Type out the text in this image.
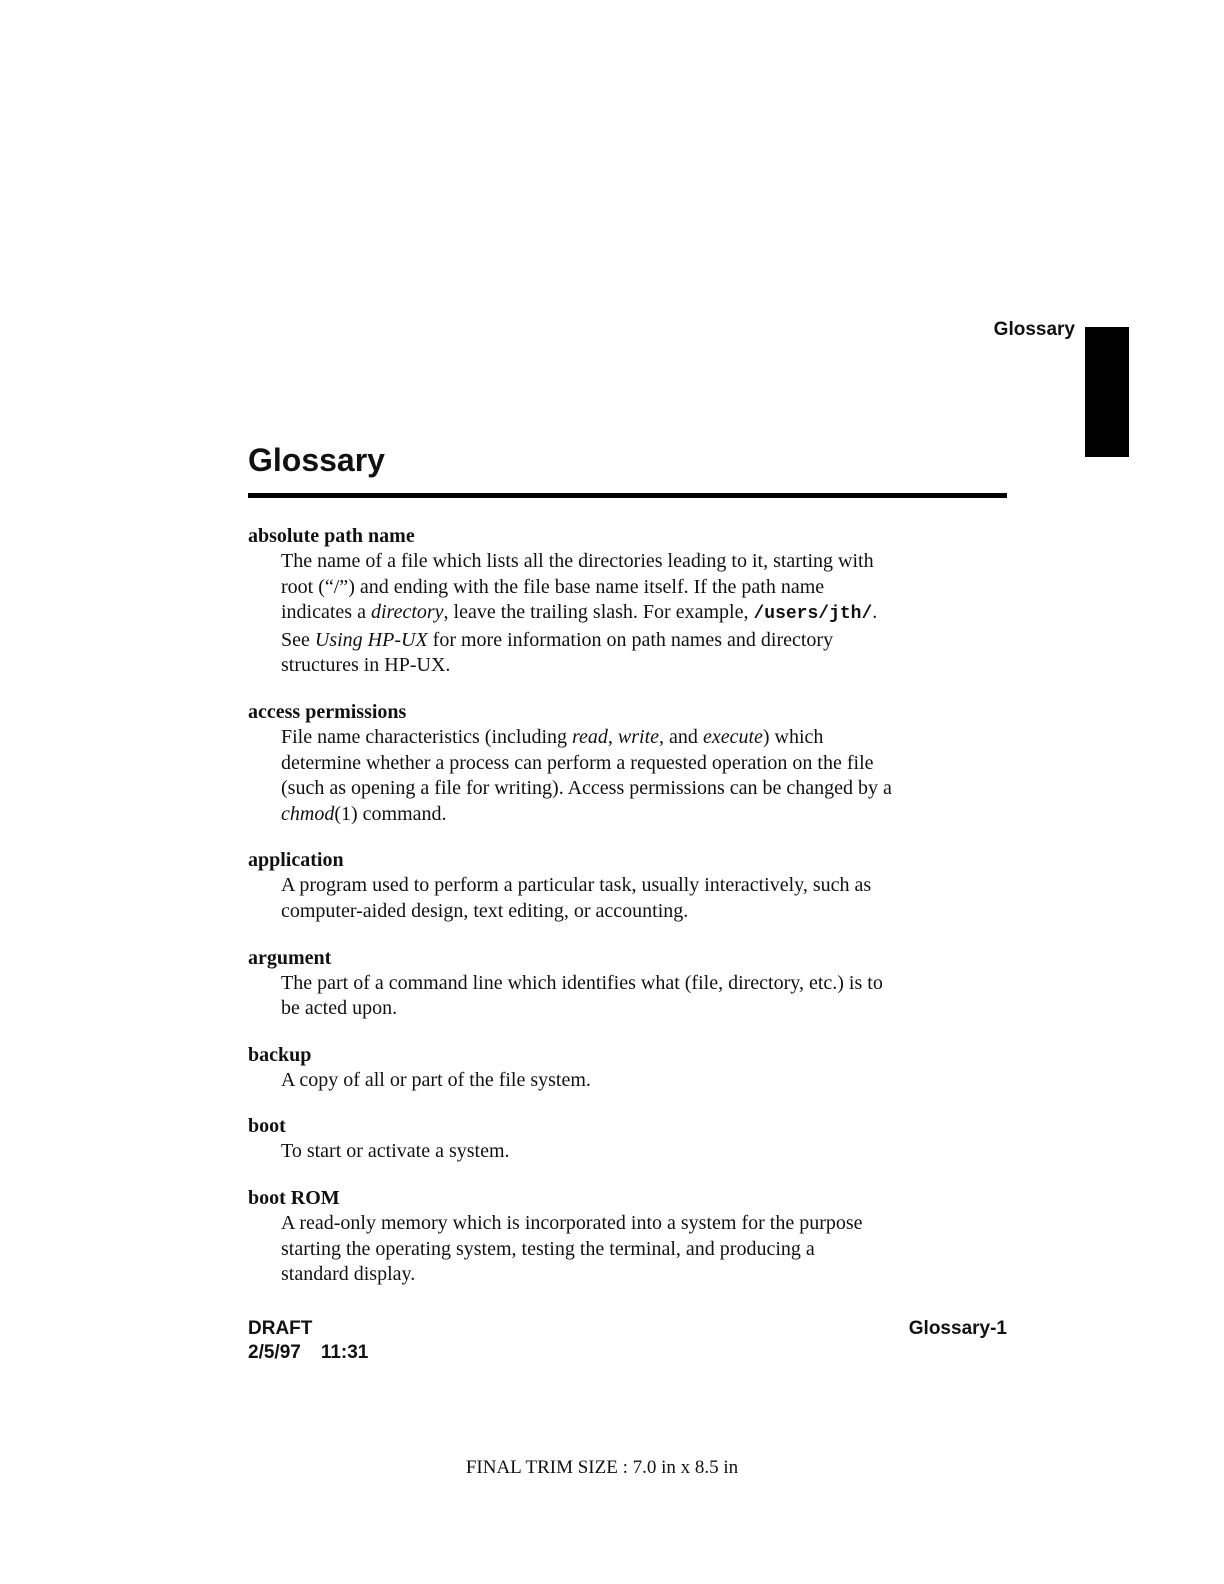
Glossary
Glossary
absolute path name
The name of a file which lists all the directories leading to it, starting with
root (“/”) and ending with the file base name itself. If the path name
indicates a directory, leave the trailing slash. For example, /users/jth/.
See Using HP-UX for more information on path names and directory
structures in HP-UX.
access permissions
File name characteristics (including read, write, and execute) which
determine whether a process can perform a requested operation on the file
(such as opening a file for writing). Access permissions can be changed by a
chmod(1) command.
application
A program used to perform a particular task, usually interactively, such as
computer-aided design, text editing, or accounting.
argument
The part of a command line which identifies what (file, directory, etc.) is to
be acted upon.
backup
A copy of all or part of the file system.
boot
To start or activate a system.
boot ROM
A read-only memory which is incorporated into a system for the purpose
starting the operating system, testing the terminal, and producing a
standard display.
DRAFT
2/5/97 11:31
Glossary-1
FINAL TRIM SIZE : 7.0 in x 8.5 in
